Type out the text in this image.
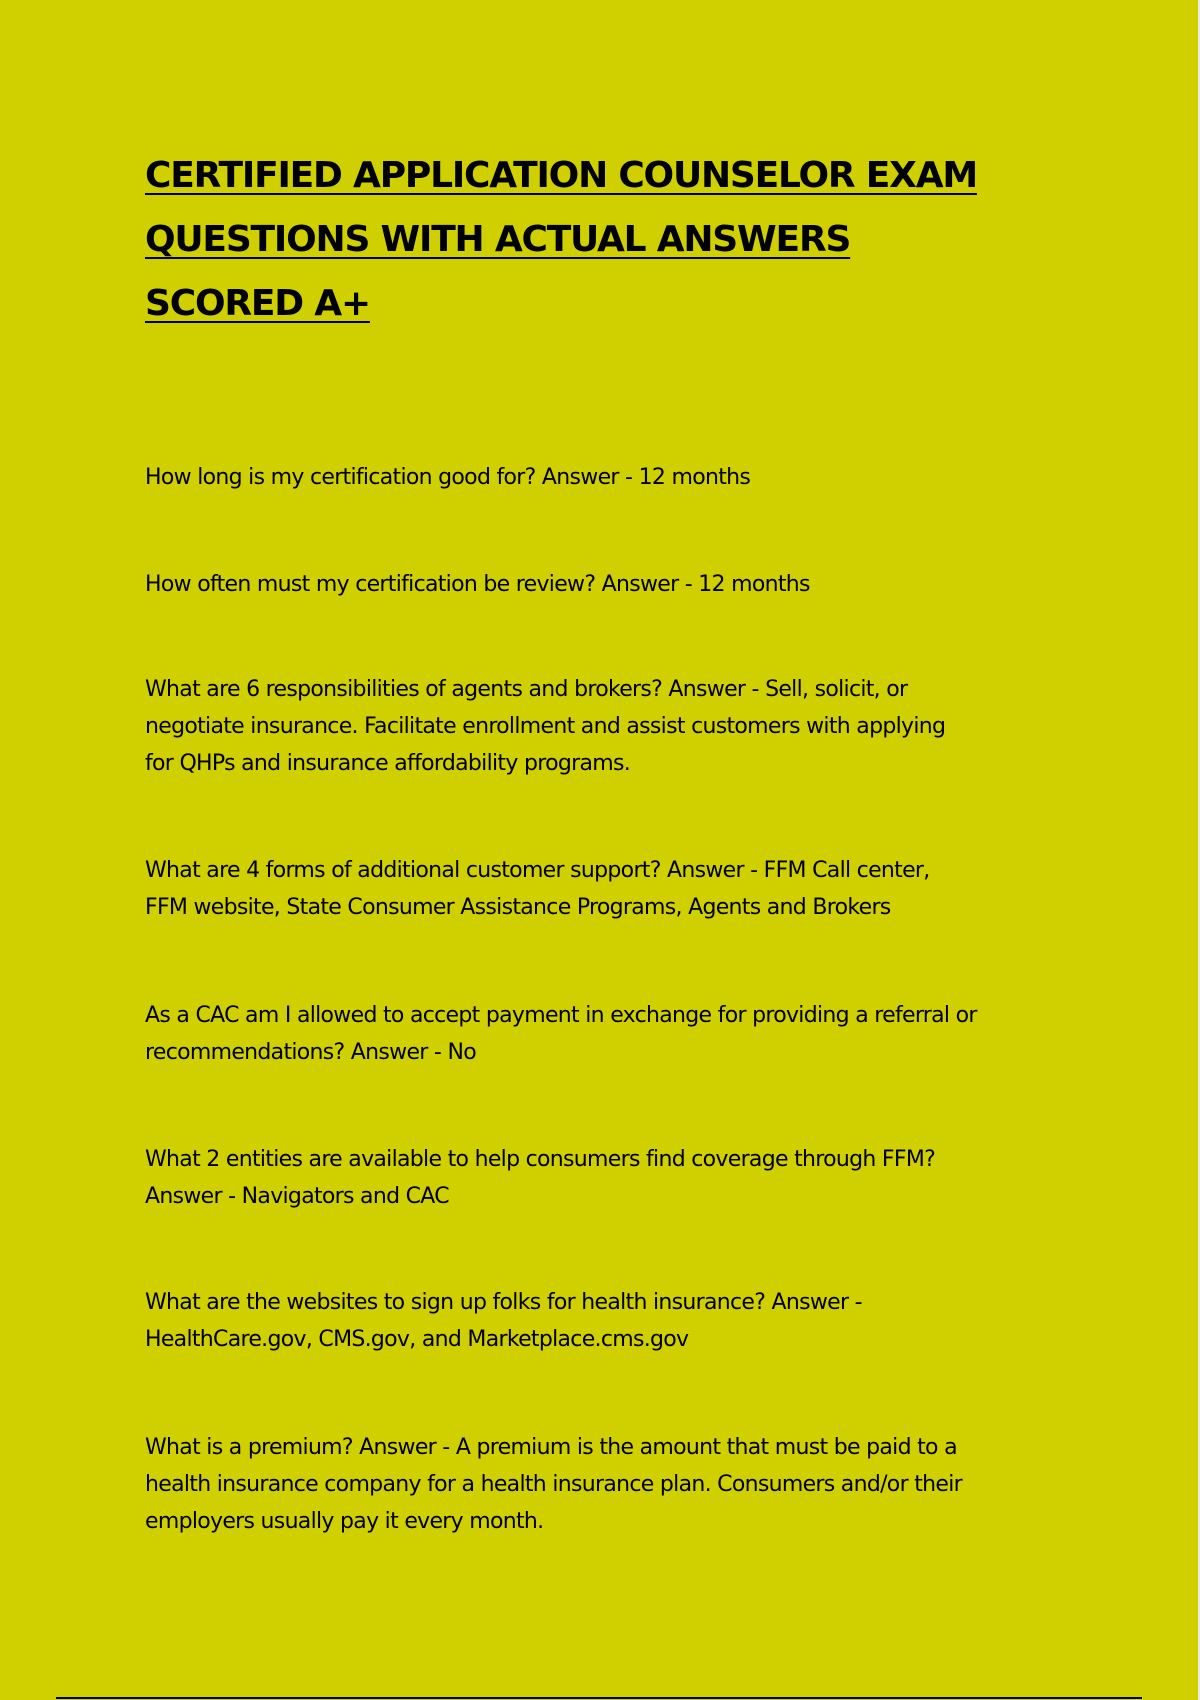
CERTIFIED APPLICATION COUNSELOR EXAM
QUESTIONS WITH ACTUAL ANSWERS
SCORED A+

How long is my certification good for? Answer - 12 months

How often must my certification be review? Answer - 12 months

What are 6 responsibilities of agents and brokers? Answer - Sell, solicit, or
negotiate insurance. Facilitate enrollment and assist customers with applying
for QHPs and insurance affordability programs.

What are 4 forms of additional customer support? Answer - FFM Call center,
FFM website, State Consumer Assistance Programs, Agents and Brokers

As a CAC am I allowed to accept payment in exchange for providing a referral or
recommendations? Answer - No

What 2 entities are available to help consumers find coverage through FFM?
Answer - Navigators and CAC

What are the websites to sign up folks for health insurance? Answer -
HealthCare.gov, CMS.gov, and Marketplace.cms.gov

What is a premium? Answer - A premium is the amount that must be paid to a
health insurance company for a health insurance plan. Consumers and/or their
employers usually pay it every month.
